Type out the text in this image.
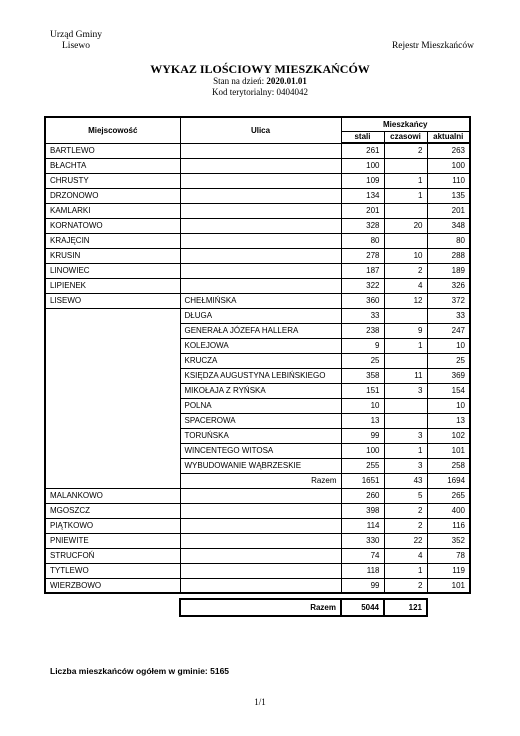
Urząd Gminy
Lisewo	Rejestr Mieszkańców
WYKAZ ILOŚCIOWY MIESZKAŃCÓW
Stan na dzień: 2020.01.01
Kod terytorialny: 0404042
Miejscowość	Ulica	Mieszkańcy		
		stali	czasowi	aktualni
BARTLEWO		261	2	263
BŁACHTA		100		100
CHRUSTY		109	1	110
DRZONOWO		134	1	135
KAMLARKI		201		201
KORNATOWO		328	20	348
KRAJĘCIN		80		80
KRUSIN		278	10	288
LINOWIEC		187	2	189
LIPIENEK		322	4	326
LISEWO	CHEŁMIŃSKA	360	12	372
	DŁUGA	33		33
	GENERAŁA JÓZEFA HALLERA	238	9	247
	KOLEJOWA	9	1	10
	KRUCZA	25		25
	KSIĘDZA AUGUSTYNA LEBIŃSKIEGO	358	11	369
	MIKOŁAJA Z RYŃSKA	151	3	154
	POLNA	10		10
	SPACEROWA	13		13
	TORUŃSKA	99	3	102
	WINCENTEGO WITOSA	100	1	101
	WYBUDOWANIE WĄBRZESKIE	255	3	258
	Razem	1651	43	1694
MALANKOWO		260	5	265
MGOSZCZ		398	2	400
PIĄTKOWO		114	2	116
PNIEWITE		330	22	352
STRUCFOŃ		74	4	78
TYTLEWO		118	1	119
WIERZBOWO		99	2	101

	Razem	5044	121	
Liczba mieszkańców ogółem w gminie: 5165
1/1
